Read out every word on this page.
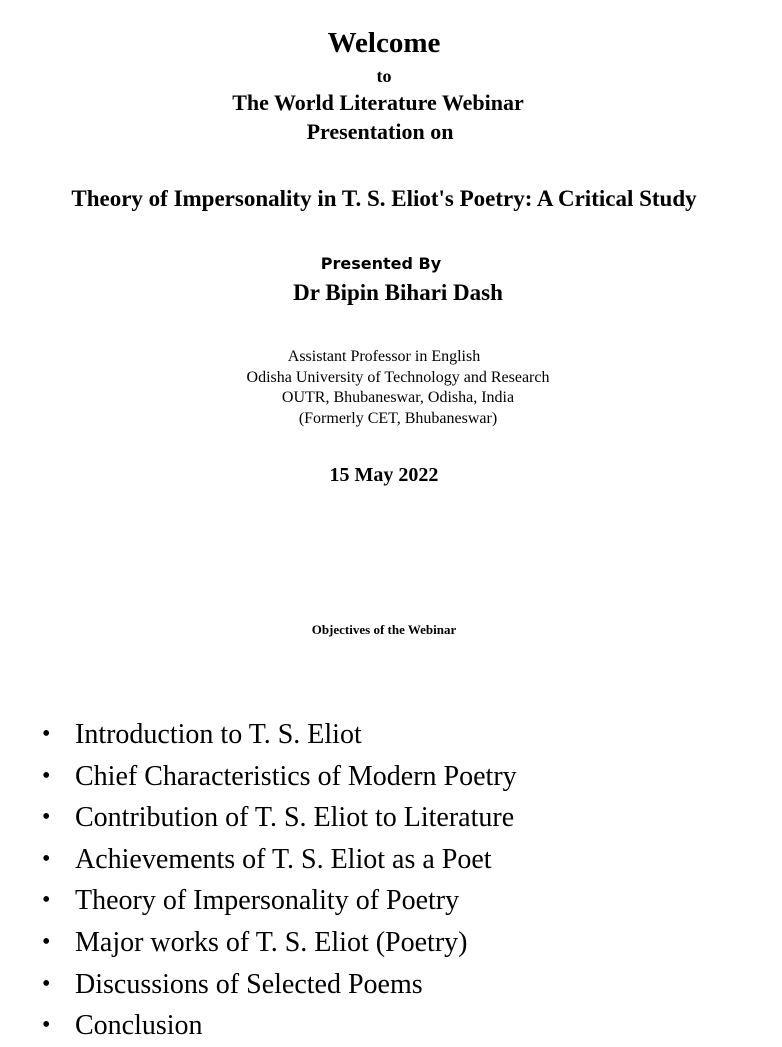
Welcome
to
The World Literature Webinar
Presentation on
Theory of Impersonality in T. S. Eliot's Poetry: A Critical Study
Presented By
Dr Bipin Bihari Dash
Assistant Professor in English
Odisha University of Technology and Research
OUTR, Bhubaneswar, Odisha, India
(Formerly CET, Bhubaneswar)
15 May 2022
Objectives of the Webinar
• Introduction to T. S. Eliot
• Chief Characteristics of Modern Poetry
• Contribution of T. S. Eliot to Literature
• Achievements of T. S. Eliot as a Poet
• Theory of Impersonality of Poetry
• Major works of T. S. Eliot (Poetry)
• Discussions of Selected Poems
• Conclusion
